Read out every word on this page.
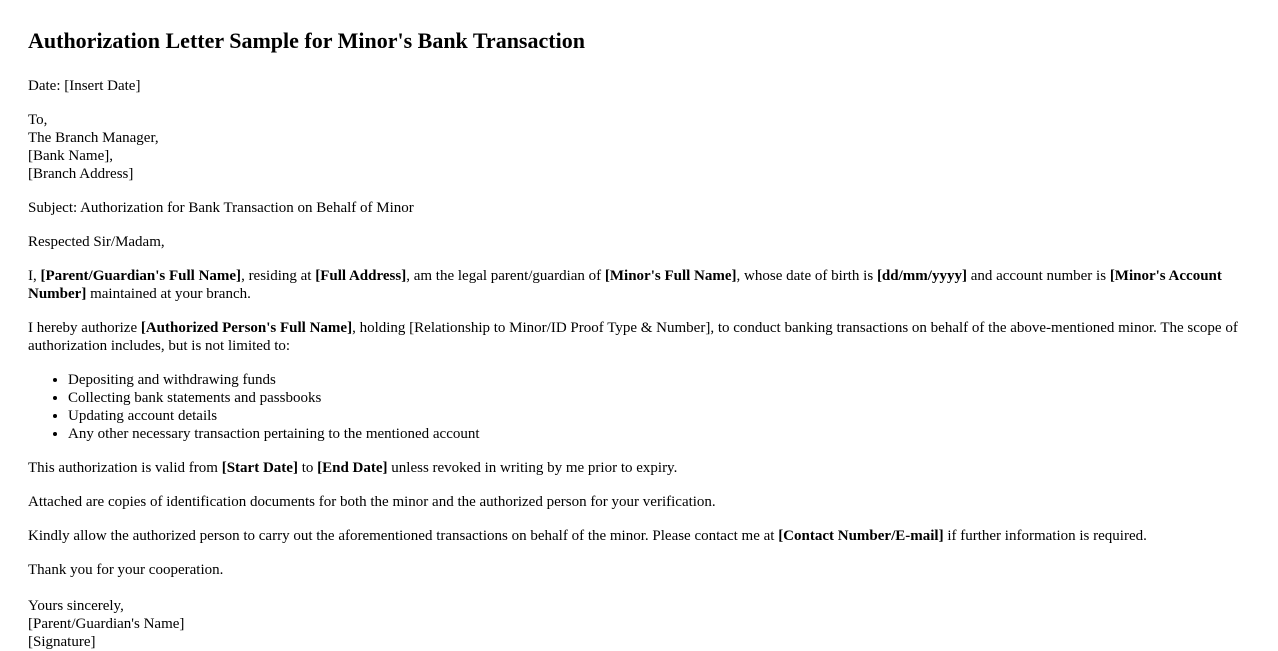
Authorization Letter Sample for Minor's Bank Transaction

Date: [Insert Date]

To,
The Branch Manager,
[Bank Name],
[Branch Address]

Subject: Authorization for Bank Transaction on Behalf of Minor

Respected Sir/Madam,

I, [Parent/Guardian's Full Name], residing at [Full Address], am the legal parent/guardian of [Minor's Full Name], whose date of birth is [dd/mm/yyyy] and account number is [Minor's Account Number] maintained at your branch.

I hereby authorize [Authorized Person's Full Name], holding [Relationship to Minor/ID Proof Type & Number], to conduct banking transactions on behalf of the above-mentioned minor. The scope of authorization includes, but is not limited to:

• Depositing and withdrawing funds
• Collecting bank statements and passbooks
• Updating account details
• Any other necessary transaction pertaining to the mentioned account

This authorization is valid from [Start Date] to [End Date] unless revoked in writing by me prior to expiry.

Attached are copies of identification documents for both the minor and the authorized person for your verification.

Kindly allow the authorized person to carry out the aforementioned transactions on behalf of the minor. Please contact me at [Contact Number/E-mail] if further information is required.

Thank you for your cooperation.

Yours sincerely,
[Parent/Guardian's Name]
[Signature]
